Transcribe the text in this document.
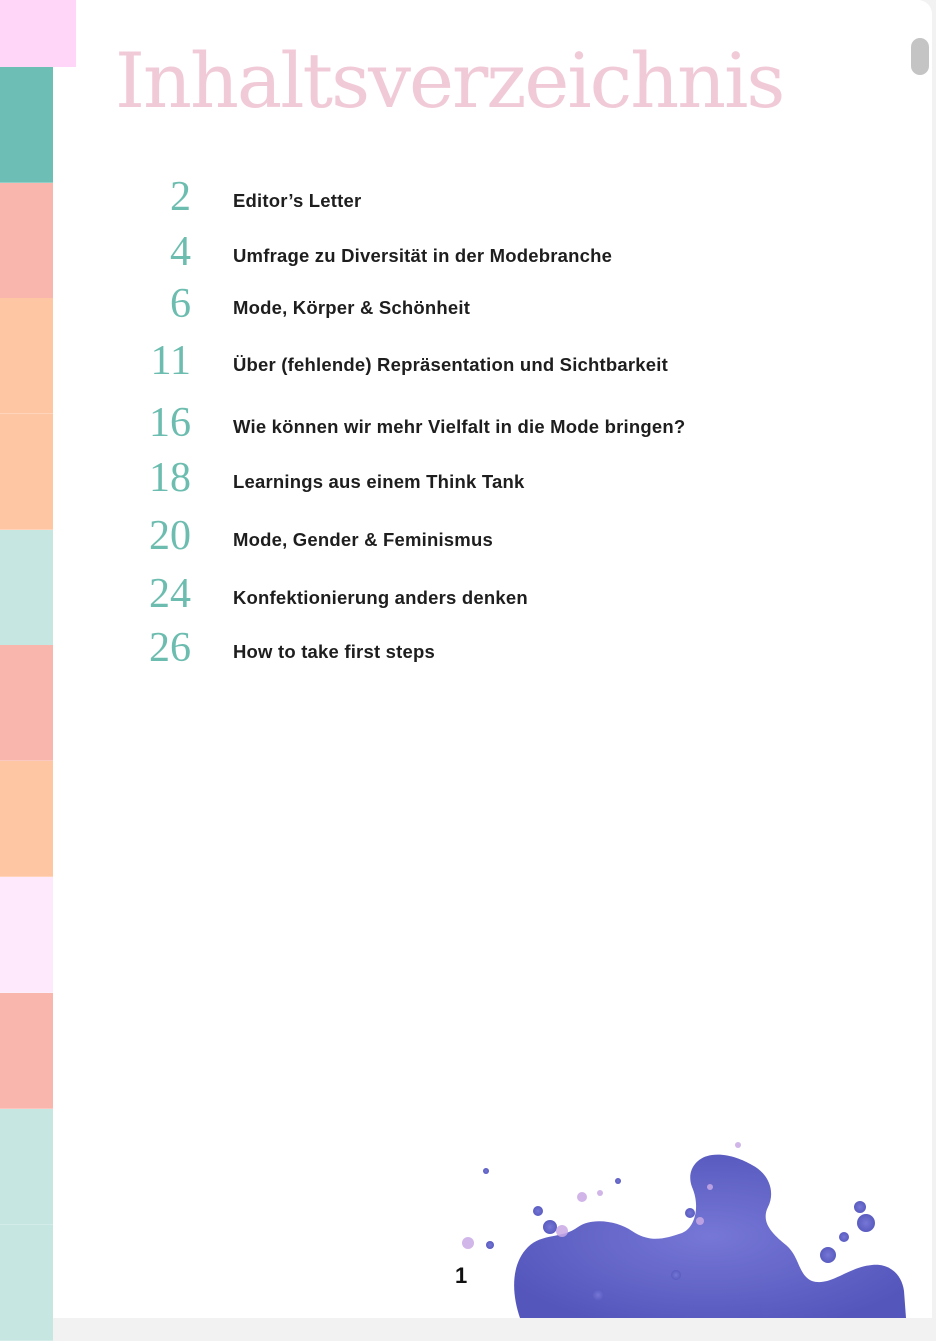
Inhaltsverzeichnis
2 Editor’s Letter
4 Umfrage zu Diversität in der Modebranche
6 Mode, Körper & Schönheit
11 Über (fehlende) Repräsentation und Sichtbarkeit
16 Wie können wir mehr Vielfalt in die Mode bringen?
18 Learnings aus einem Think Tank
20 Mode, Gender & Feminismus
24 Konfektionierung anders denken
26 How to take first steps
1
